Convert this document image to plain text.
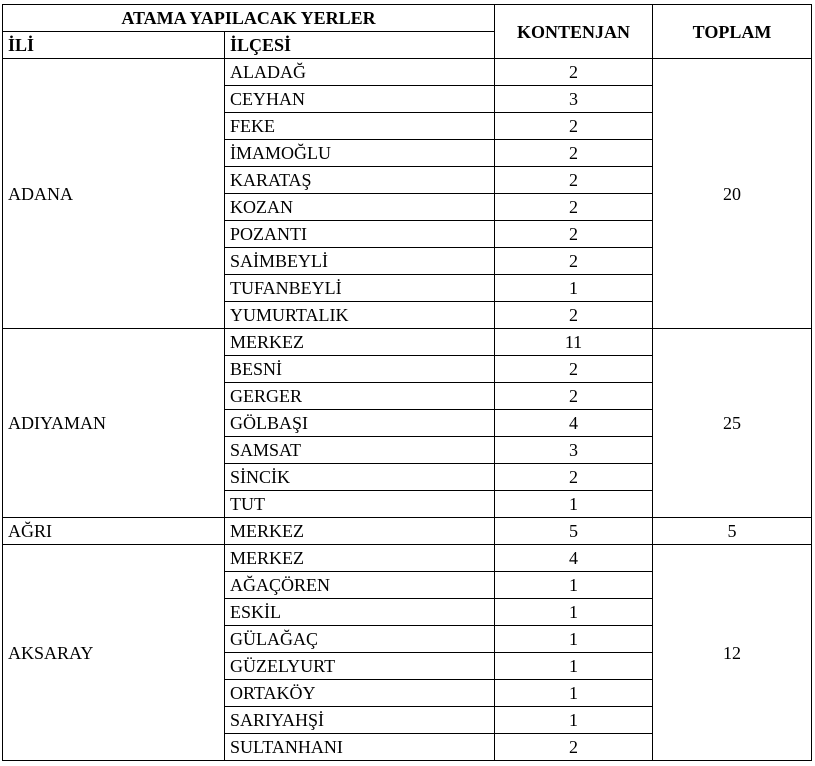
ATAMA YAPILACAK YERLER		KONTENJAN	TOPLAM
İLİ	İLÇESİ		
ADANA	ALADAĞ	2	20
	CEYHAN	3	
	FEKE	2	
	İMAMOĞLU	2	
	KARATAŞ	2	
	KOZAN	2	
	POZANTI	2	
	SAİMBEYLİ	2	
	TUFANBEYLİ	1	
	YUMURTALIK	2	
ADIYAMAN	MERKEZ	11	25
	BESNİ	2	
	GERGER	2	
	GÖLBAŞI	4	
	SAMSAT	3	
	SİNCİK	2	
	TUT	1	
AĞRI	MERKEZ	5	5
AKSARAY	MERKEZ	4	12
	AĞAÇÖREN	1	
	ESKİL	1	
	GÜLAĞAÇ	1	
	GÜZELYURT	1	
	ORTAKÖY	1	
	SARIYAHŞİ	1	
	SULTANHANI	2	
